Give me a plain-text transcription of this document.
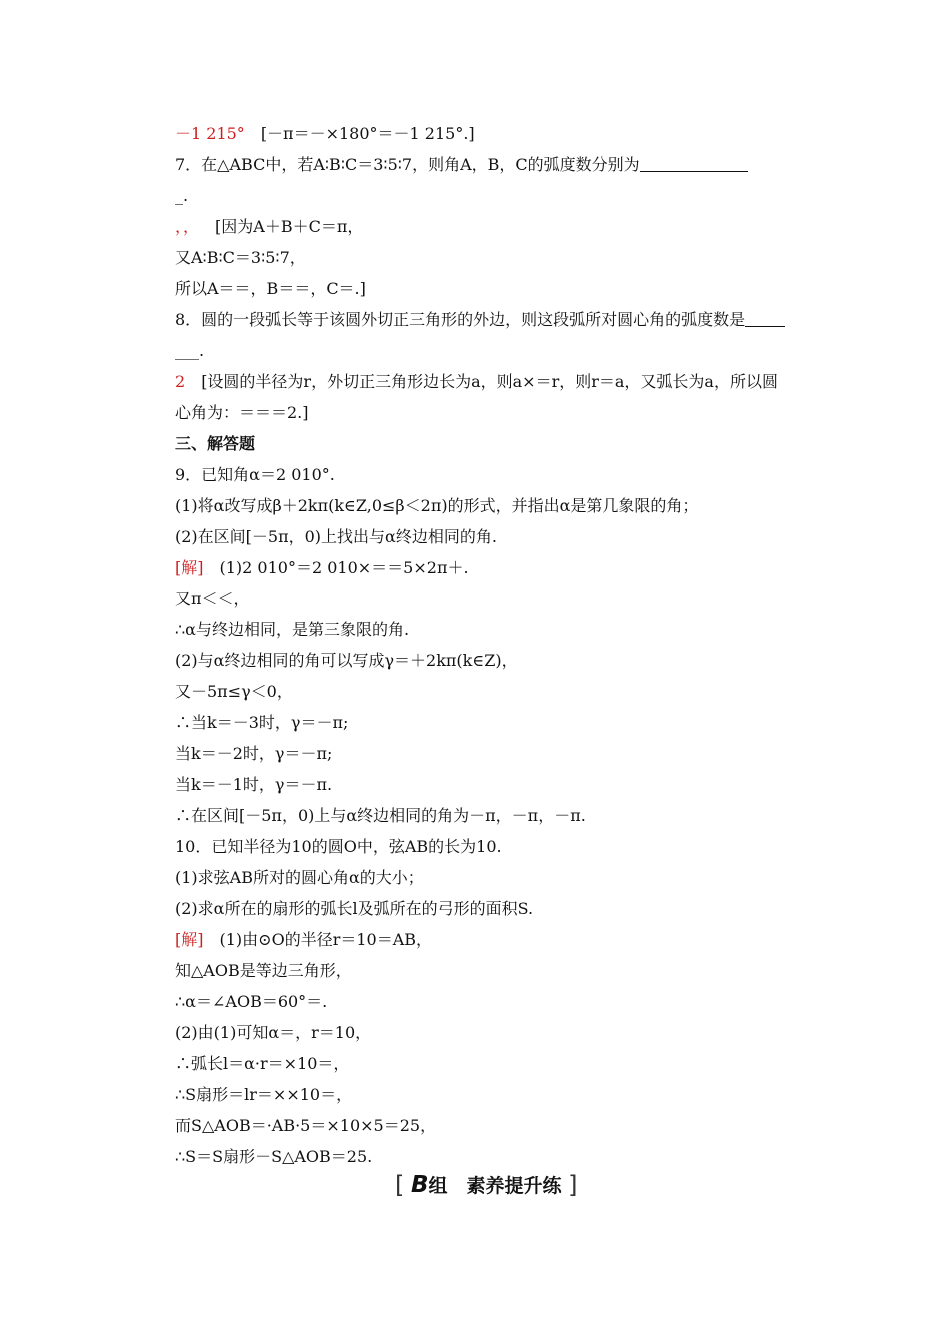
－1 215° [－π＝－×180°＝－1 215°.]
7．在△ABC中，若A∶B∶C＝3∶5∶7，则角A，B，C的弧度数分别为
_.
，， [因为A＋B＋C＝π，
又A∶B∶C＝3∶5∶7，
所以A＝＝，B＝＝，C＝.]
8．圆的一段弧长等于该圆外切正三角形的外边，则这段弧所对圆心角的弧度数是
___.
2 [设圆的半径为r，外切正三角形边长为a，则a×＝r，则r＝a，又弧长为a，所以圆
心角为：＝＝＝2.]
三、解答题
9．已知角α＝2 010°.
(1)将α改写成β＋2kπ(k∈Z,0≤β＜2π)的形式，并指出α是第几象限的角；
(2)在区间[－5π，0)上找出与α终边相同的角.
[解] (1)2 010°＝2 010×＝＝5×2π＋.
又π＜＜，
∴α与终边相同，是第三象限的角.
(2)与α终边相同的角可以写成γ＝＋2kπ(k∈Z)，
又－5π≤γ＜0，
∴当k＝－3时，γ＝－π;
当k＝－2时，γ＝－π;
当k＝－1时，γ＝－π.
∴在区间[－5π，0)上与α终边相同的角为－π，－π，－π.
10．已知半径为10的圆O中，弦AB的长为10.
(1)求弦AB所对的圆心角α的大小；
(2)求α所在的扇形的弧长l及弧所在的弓形的面积S.
[解] (1)由⊙O的半径r＝10＝AB，
知△AOB是等边三角形，
∴α＝∠AOB＝60°＝.
(2)由(1)可知α＝，r＝10，
∴弧长l＝α·r＝×10＝，
∴S扇形＝lr＝××10＝，
而S△AOB＝·AB·5＝×10×5＝25，
∴S＝S扇形－S△AOB＝25.
[ B组　素养提升练 ]
